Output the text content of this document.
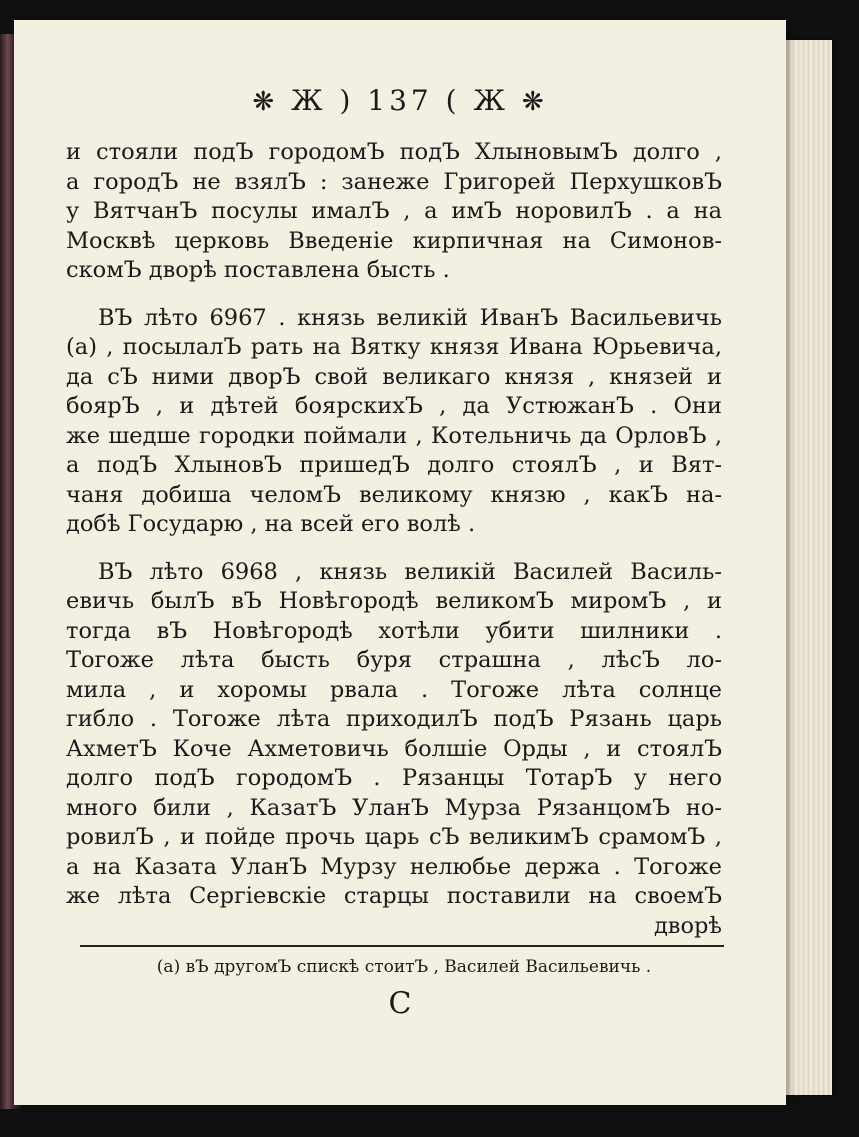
❋ Ж ) 137 ( Ж ❋
и стояли подЪ городомЪ подЪ ХлыновымЪ долго ,
а городЪ не взялЪ : занеже Григорей ПерхушковЪ
у ВятчанЪ посулы ималЪ , а имЪ норовилЪ . а на
Москвѣ церковь Введенiе кирпичная на Симонов-
скомЪ дворѣ поставлена бысть .
ВЪ лѣто 6967 . князь великiй ИванЪ Васильевичь
(а) , посылалЪ рать на Вятку князя Ивана Юрьевича,
да сЪ ними дворЪ свой великаго князя , князей и
боярЪ , и дѣтей боярскихЪ , да УстюжанЪ . Они
же шедше городки поймали , Котельничь да ОрловЪ ,
а подЪ ХлыновЪ пришедЪ долго стоялЪ , и Вят-
чаня добиша челомЪ великому князю , какЪ на-
добѣ Государю , на всей его волѣ .
ВЪ лѣто 6968 , князь великiй Василей Василь-
евичь былЪ вЪ Новѣгородѣ великомЪ миромЪ , и
тогда вЪ Новѣгородѣ хотѣли убити шилники .
Тогоже лѣта бысть буря страшна , лѣсЪ ло-
мила , и хоромы рвала . Тогоже лѣта солнце
гибло . Тогоже лѣта приходилЪ подЪ Рязань царь
АхметЪ Коче Ахметовичь болшiе Орды , и стоялЪ
долго подЪ городомЪ . Рязанцы ТотарЪ у него
много били , КазатЪ УланЪ Мурза РязанцомЪ но-
ровилЪ , и пойде прочь царь сЪ великимЪ срамомЪ ,
а на Казата УланЪ Мурзу нелюбье держа . Тогоже
же лѣта Сергiевскiе старцы поставили на своемЪ
дворѣ
(а) вЪ другомЪ спискѣ стоитЪ , Василей Васильевичь .
С
